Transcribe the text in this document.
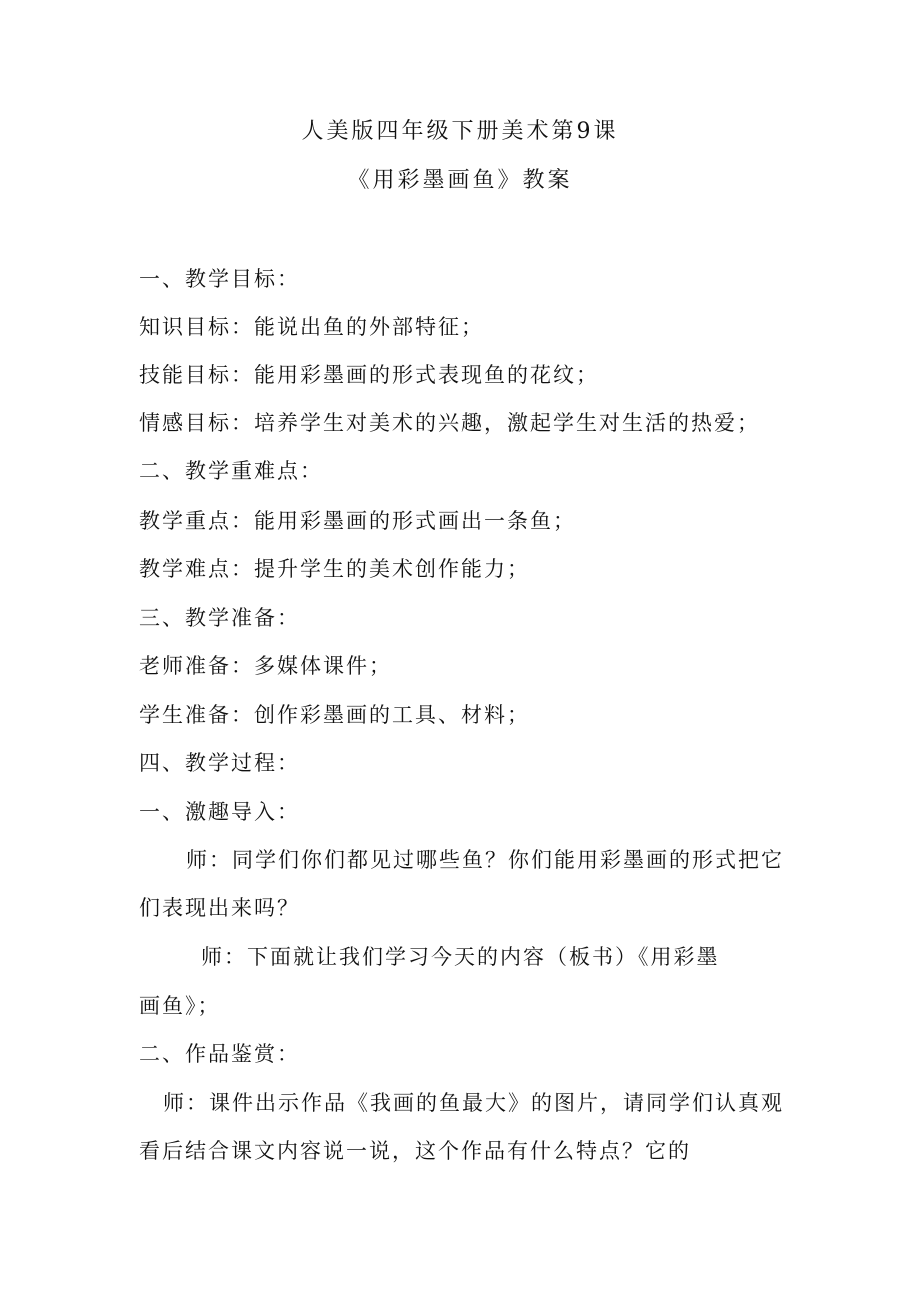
人美版四年级下册美术第9课
《用彩墨画鱼》教案
一、教学目标：
知识目标：能说出鱼的外部特征；
技能目标：能用彩墨画的形式表现鱼的花纹；
情感目标：培养学生对美术的兴趣，激起学生对生活的热爱；
二、教学重难点：
教学重点：能用彩墨画的形式画出一条鱼；
教学难点：提升学生的美术创作能力；
三、教学准备：
老师准备：多媒体课件；
学生准备：创作彩墨画的工具、材料；
四、教学过程：
一、激趣导入：
师：同学们你们都见过哪些鱼？你们能用彩墨画的形式把它
们表现出来吗？
师：下面就让我们学习今天的内容（板书）《用彩墨
画鱼》；
二、作品鉴赏：
师：课件出示作品《我画的鱼最大》的图片，请同学们认真观
看后结合课文内容说一说，这个作品有什么特点？它的
